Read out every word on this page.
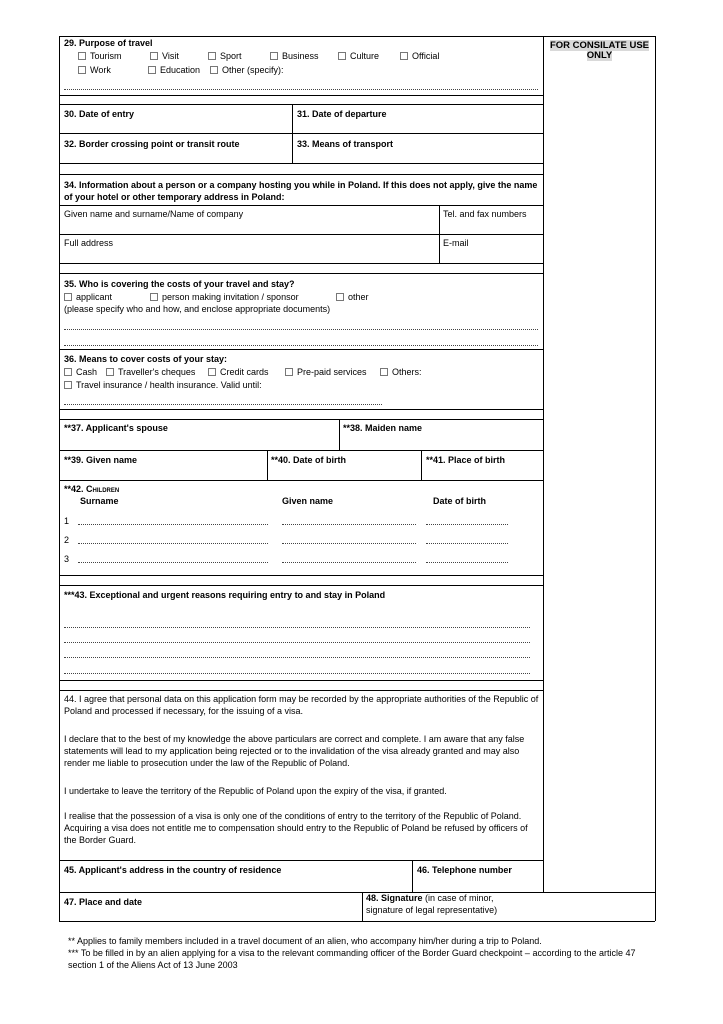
FOR CONSILATE USE ONLY
29. Purpose of travel
Tourism	Visit	Sport	Business	Culture	Official
Work	Education	Other (specify):
30. Date of entry	31. Date of departure
32. Border crossing point or transit route	33. Means of transport
34. Information about a person or a company hosting you while in Poland. If this does not apply, give the name
of your hotel or other temporary address in Poland:
Given name and surname/Name of company	Tel. and fax numbers
Full address	E-mail
35. Who is covering the costs of your travel and stay?
applicant	person making invitation / sponsor	other
(please specify who and how, and enclose appropriate documents)
36. Means to cover costs of your stay:
Cash	Traveller's cheques	Credit cards	Pre-paid services	Others:
Travel insurance / health insurance. Valid until:
**37. Applicant's spouse	**38. Maiden name
**39. Given name	**40. Date of birth	**41. Place of birth
**42. Children
Surname	Given name	Date of birth
1
2
3
***43. Exceptional and urgent reasons requiring entry to and stay in Poland
44. I agree that personal data on this application form may be recorded by the appropriate authorities of the Republic of Poland and processed if necessary, for the issuing of a visa.
I declare that to the best of my knowledge the above particulars are correct and complete. I am aware that any false statements will lead to my application being rejected or to the invalidation of the visa already granted and may also render me liable to prosecution under the law of the Republic of Poland.
I undertake to leave the territory of the Republic of Poland upon the expiry of the visa, if granted.
I realise that the possession of a visa is only one of the conditions of entry to the territory of the Republic of Poland. Acquiring a visa does not entitle me to compensation should entry to the Republic of Poland be refused by officers of the Border Guard.
45. Applicant's address in the country of residence	46. Telephone number
47. Place and date	48. Signature (in case of minor,
signature of legal representative)
** Applies to family members included in a travel document of an alien, who accompany him/her during a trip to Poland.
*** To be filled in by an alien applying for a visa to the relevant commanding officer of the Border Guard checkpoint – according to the article 47
section 1 of the Aliens Act of 13 June 2003
